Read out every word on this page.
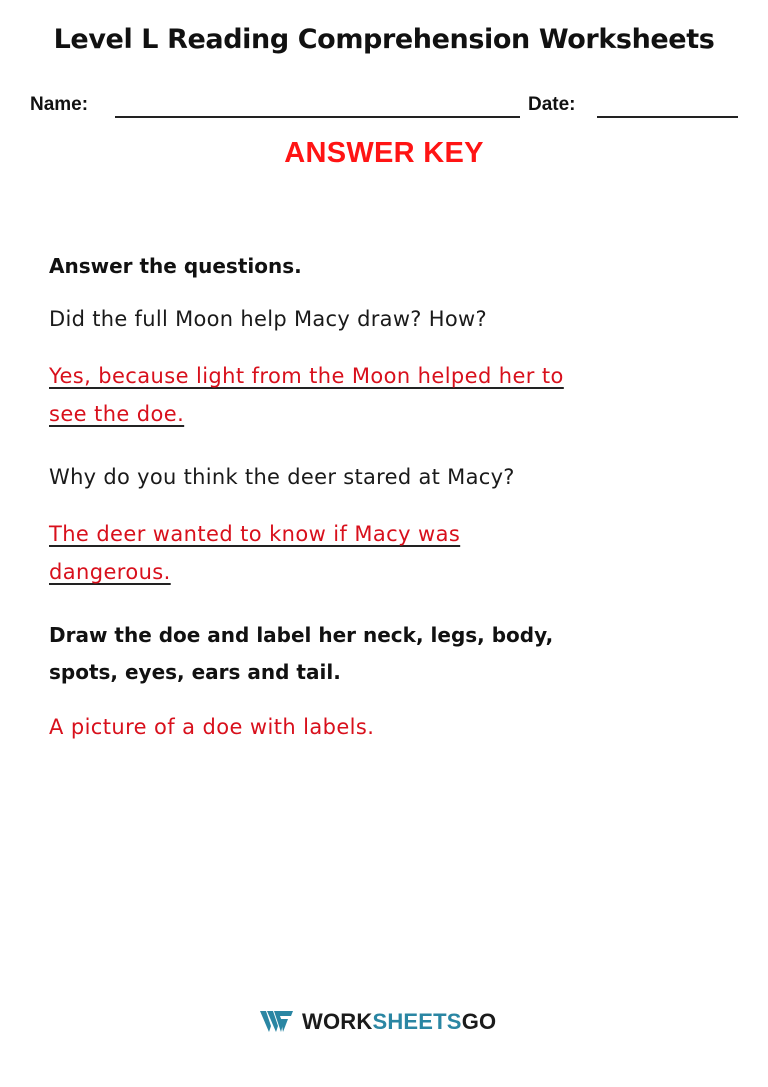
Level L Reading Comprehension Worksheets
Name:	Date:
ANSWER KEY
Answer the questions.
Did the full Moon help Macy draw? How?
Yes, because light from the Moon helped her to
see the doe.
Why do you think the deer stared at Macy?
The deer wanted to know if Macy was
dangerous.
Draw the doe and label her neck, legs, body,
spots, eyes, ears and tail.
A picture of a doe with labels.
WORKSHEETSGO
